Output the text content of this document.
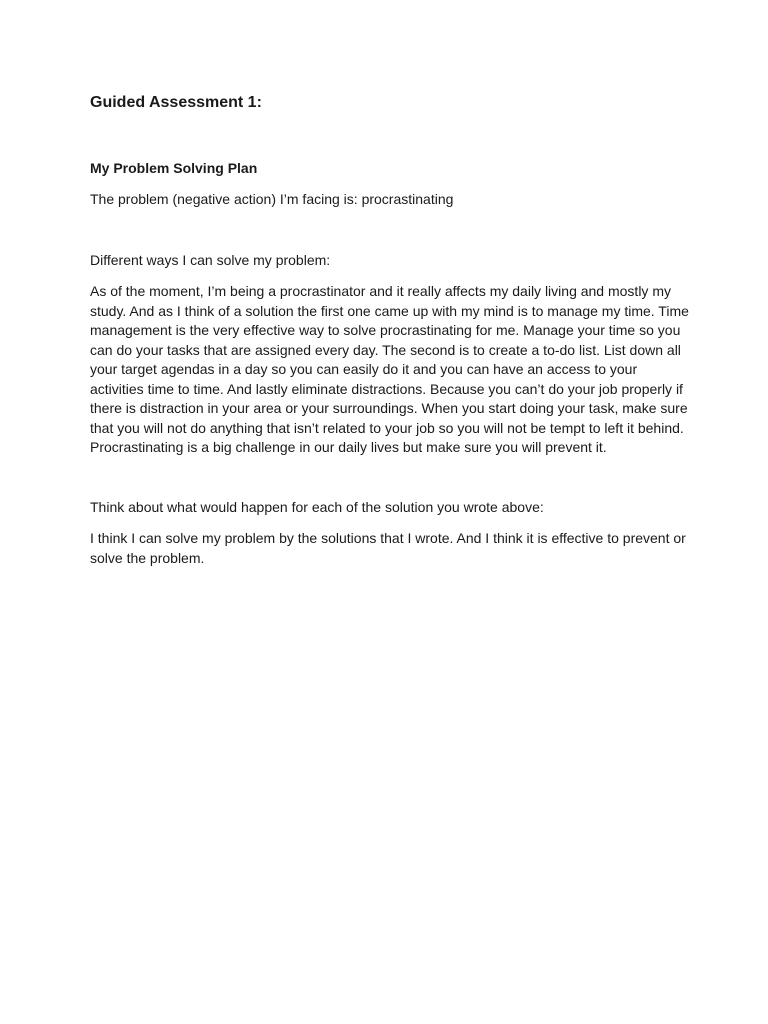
Guided Assessment 1:
My Problem Solving Plan

The problem (negative action) I’m facing is: procrastinating

Different ways I can solve my problem:

As of the moment, I’m being a procrastinator and it really affects my daily living and mostly my study. And as I think of a solution the first one came up with my mind is to manage my time. Time management is the very effective way to solve procrastinating for me. Manage your time so you can do your tasks that are assigned every day. The second is to create a to-do list. List down all your target agendas in a day so you can easily do it and you can have an access to your activities time to time. And lastly eliminate distractions. Because you can’t do your job properly if there is distraction in your area or your surroundings. When you start doing your task, make sure that you will not do anything that isn’t related to your job so you will not be tempt to left it behind. Procrastinating is a big challenge in our daily lives but make sure you will prevent it.

Think about what would happen for each of the solution you wrote above:

I think I can solve my problem by the solutions that I wrote. And I think it is effective to prevent or solve the problem.
